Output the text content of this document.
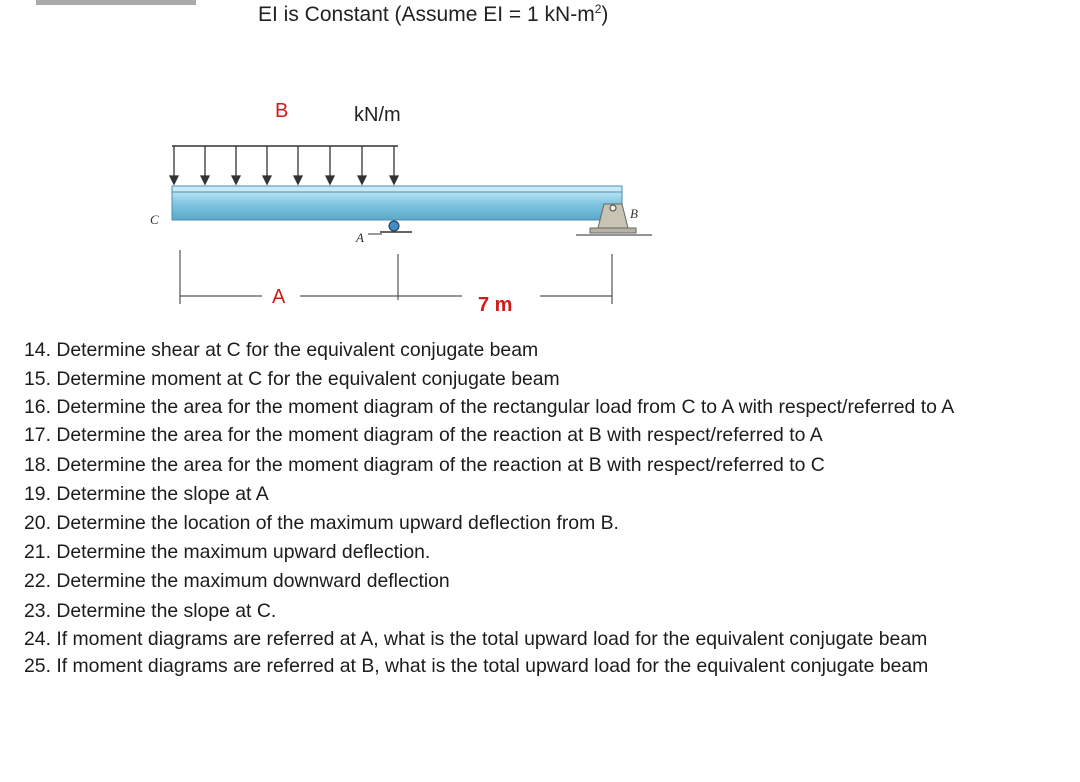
EI is Constant (Assume EI = 1 $kN-m^2$)
B	kN/m
C
A
B
A	7 m

14. Determine shear at C for the equivalent conjugate beam

15. Determine moment at C for the equivalent conjugate beam

16. Determine the area for the moment diagram of the rectangular load from C to A with respect/referred to A

17. Determine the area for the moment diagram of the reaction at B with respect/referred to A

18. Determine the area for the moment diagram of the reaction at B with respect/referred to C

19. Determine the slope at A

20. Determine the location of the maximum upward deflection from B.

21. Determine the maximum upward deflection.

22. Determine the maximum downward deflection

23. Determine the slope at C.

24. If moment diagrams are referred at A, what is the total upward load for the equivalent conjugate beam

25. If moment diagrams are referred at B, what is the total upward load for the equivalent conjugate beam
